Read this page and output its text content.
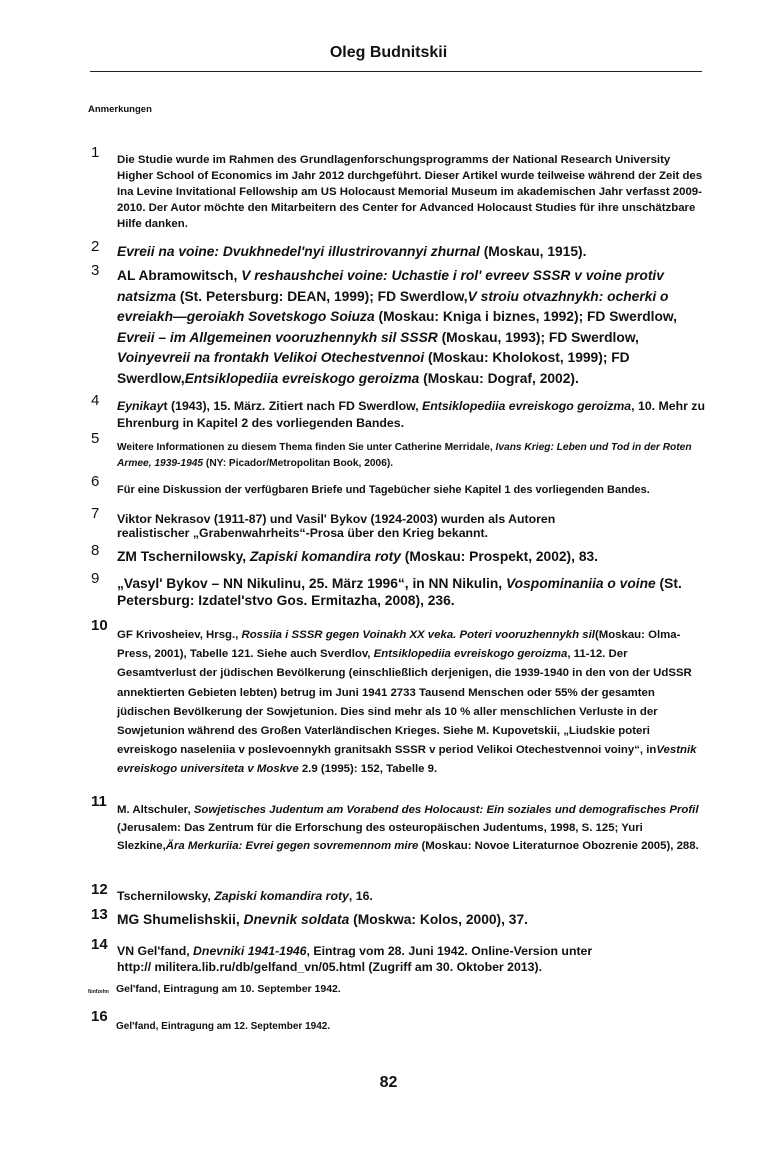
Oleg Budnitskii
Anmerkungen
1 Die Studie wurde im Rahmen des Grundlagenforschungsprogramms der National Research University Higher School of Economics im Jahr 2012 durchgeführt. Dieser Artikel wurde teilweise während der Zeit des Ina Levine Invitational Fellowship am US Holocaust Memorial Museum im akademischen Jahr verfasst 2009-2010. Der Autor möchte den Mitarbeitern des Center for Advanced Holocaust Studies für ihre unschätzbare Hilfe danken.
2 Evreii na voine: Dvukhnedel'nyi illustrirovannyi zhurnal (Moskau, 1915).
3 AL Abramowitsch, V reshaushchei voine: Uchastie i rol' evreev SSSR v voine protiv natsizma (St. Petersburg: DEAN, 1999); FD Swerdlow,V stroiu otvazhnykh: ocherki o evreiakh—geroiakh Sovetskogo Soiuza (Moskau: Kniga i biznes, 1992); FD Swerdlow, Evreii – im Allgemeinen vooruzhennykh sil SSSR (Moskau, 1993); FD Swerdlow, Voinyevreii na frontakh Velikoi Otechestvennoi (Moskau: Kholokost, 1999); FD Swerdlow,Entsiklopediia evreiskogo geroizma (Moskau: Dograf, 2002).
4 Eynikayt (1943), 15. März. Zitiert nach FD Swerdlow, Entsiklopediia evreiskogo geroizma, 10. Mehr zu Ehrenburg in Kapitel 2 des vorliegenden Bandes.
5
Weitere Informationen zu diesem Thema finden Sie unter Catherine Merridale, Ivans Krieg: Leben und Tod in der Roten Armee, 1939-1945 (NY: Picador/Metropolitan Book, 2006).
6 Für eine Diskussion der verfügbaren Briefe und Tagebücher siehe Kapitel 1 des vorliegenden Bandes.
7 Viktor Nekrasov (1911-87) und Vasil' Bykov (1924-2003) wurden als Autoren
realistischer „Grabenwahrheits“-Prosa über den Krieg bekannt.
8 ZM Tschernilowsky, Zapiski komandira roty (Moskau: Prospekt, 2002), 83.
9 „Vasyl' Bykov – NN Nikulinu, 25. März 1996“, in NN Nikulin, Vospominaniia o voine (St. Petersburg: Izdatel'stvo Gos. Ermitazha, 2008), 236.
10
GF Krivosheiev, Hrsg., Rossiia i SSSR gegen Voinakh XX veka. Poteri vooruzhennykh sil(Moskau: Olma-Press, 2001), Tabelle 121. Siehe auch Sverdlov, Entsiklopediia evreiskogo geroizma, 11-12. Der Gesamtverlust der jüdischen Bevölkerung (einschließlich derjenigen, die 1939-1940 in den von der UdSSR annektierten Gebieten lebten) betrug im Juni 1941 2733 Tausend Menschen oder 55% der gesamten jüdischen Bevölkerung der Sowjetunion. Dies sind mehr als 10 % aller menschlichen Verluste in der Sowjetunion während des Großen Vaterländischen Krieges. Siehe M. Kupovetskii, „Liudskie poteri evreiskogo naseleniia v poslevoennykh granitsakh SSSR v period Velikoi Otechestvennoi voiny“, inVestnik evreiskogo universiteta v Moskve 2.9 (1995): 152, Tabelle 9.
11 M. Altschuler, Sowjetisches Judentum am Vorabend des Holocaust: Ein soziales und demografisches Profil (Jerusalem: Das Zentrum für die Erforschung des osteuropäischen Judentums, 1998, S. 125; Yuri Slezkine,Ära Merkuriia: Evrei gegen sovremennom mire (Moskau: Novoe Literaturnoe Obozrenie 2005), 288.
12 Tschernilowsky, Zapiski komandira roty, 16.
13 MG Shumelishskii, Dnevnik soldata (Moskwa: Kolos, 2000), 37.
14 VN Gel'fand, Dnevniki 1941-1946, Eintrag vom 28. Juni 1942. Online-Version unter
http:// militera.lib.ru/db/gelfand_vn/05.html (Zugriff am 30. Oktober 2013).
fünfzehn Gel'fand, Eintragung am 10. September 1942.
16
Gel'fand, Eintragung am 12. September 1942.
82
